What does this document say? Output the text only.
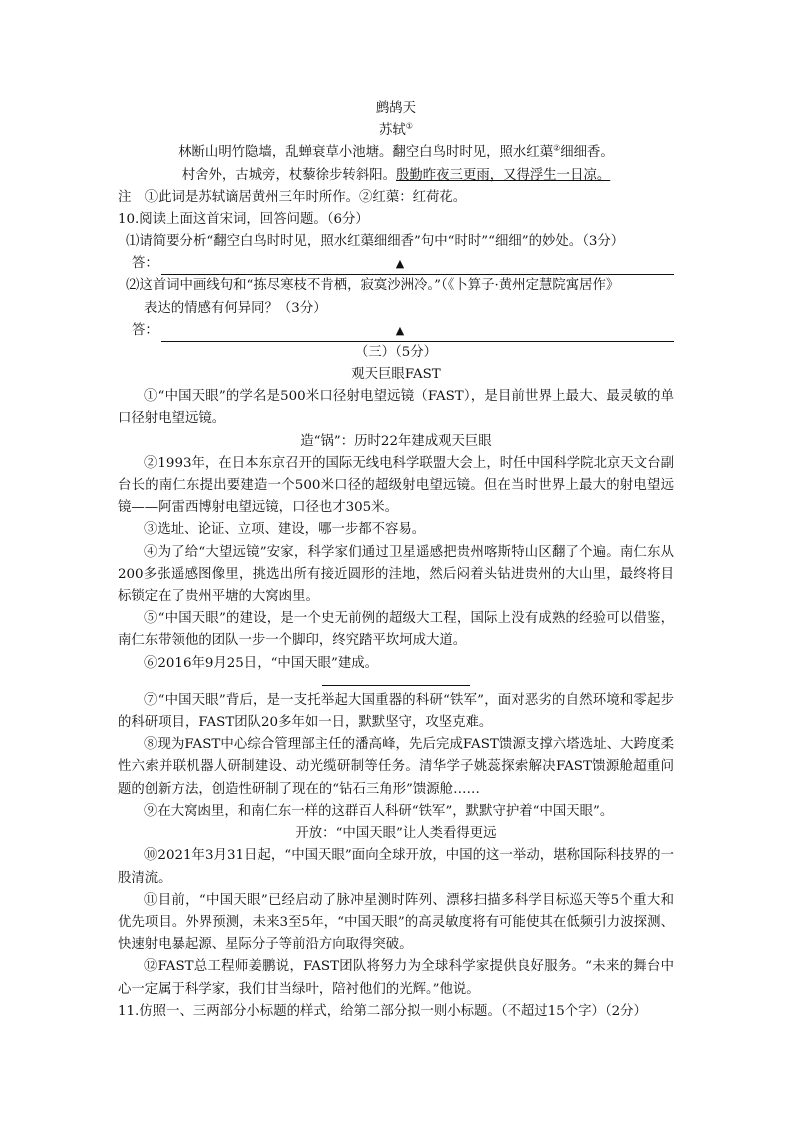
鹧鸪天
苏轼①
林断山明竹隐墙，乱蝉衰草小池塘。翻空白鸟时时见，照水红蕖②细细香。
村舍外，古城旁，杖藜徐步转斜阳。殷勤昨夜三更雨，又得浮生一日凉。
注　①此词是苏轼谪居黄州三年时所作。②红蕖：红荷花。
10.阅读上面这首宋词，回答问题。（6分）
⑴请简要分析“翻空白鸟时时见，照水红蕖细细香”句中“时时”“细细”的妙处。（3分）
答：	▲
⑵这首词中画线句和“拣尽寒枝不肯栖，寂寞沙洲冷。”（《卜算子·黄州定慧院寓居作》
表达的情感有何异同？（3分）
答：	▲
（三）（5分）
观天巨眼FAST
①“中国天眼”的学名是500米口径射电望远镜（FAST），是目前世界上最大、最灵敏的单口径射电望远镜。
造“锅”：历时22年建成观天巨眼
②1993年，在日本东京召开的国际无线电科学联盟大会上，时任中国科学院北京天文台副台长的南仁东提出要建造一个500米口径的超级射电望远镜。但在当时世界上最大的射电望远镜——阿雷西博射电望远镜，口径也才305米。
③选址、论证、立项、建设，哪一步都不容易。
④为了给“大望远镜”安家，科学家们通过卫星遥感把贵州喀斯特山区翻了个遍。南仁东从200多张遥感图像里，挑选出所有接近圆形的洼地，然后闷着头钻进贵州的大山里，最终将目标锁定在了贵州平塘的大窝凼里。
⑤“中国天眼”的建设，是一个史无前例的超级大工程，国际上没有成熟的经验可以借鉴，南仁东带领他的团队一步一个脚印，终究踏平坎坷成大道。
⑥2016年9月25日，“中国天眼”建成。
⑦“中国天眼”背后，是一支托举起大国重器的科研“铁军”，面对恶劣的自然环境和零起步的科研项目，FAST团队20多年如一日，默默坚守，攻坚克难。
⑧现为FAST中心综合管理部主任的潘高峰，先后完成FAST馈源支撑六塔选址、大跨度柔性六索并联机器人研制建设、动光缆研制等任务。清华学子姚蕊探索解决FAST馈源舱超重问题的创新方法，创造性研制了现在的“钻石三角形”馈源舱……
⑨在大窝凼里，和南仁东一样的这群百人科研“铁军”，默默守护着“中国天眼”。
开放：“中国天眼”让人类看得更远
⑩2021年3月31日起，“中国天眼”面向全球开放，中国的这一举动，堪称国际科技界的一股清流。
⑪目前，“中国天眼”已经启动了脉冲星测时阵列、漂移扫描多科学目标巡天等5个重大和优先项目。外界预测，未来3至5年，“中国天眼”的高灵敏度将有可能使其在低频引力波探测、快速射电暴起源、星际分子等前沿方向取得突破。
⑫FAST总工程师姜鹏说，FAST团队将努力为全球科学家提供良好服务。“未来的舞台中心一定属于科学家，我们甘当绿叶，陪衬他们的光辉。”他说。
11.仿照一、三两部分小标题的样式，给第二部分拟一则小标题。（不超过15个字）（2分）
